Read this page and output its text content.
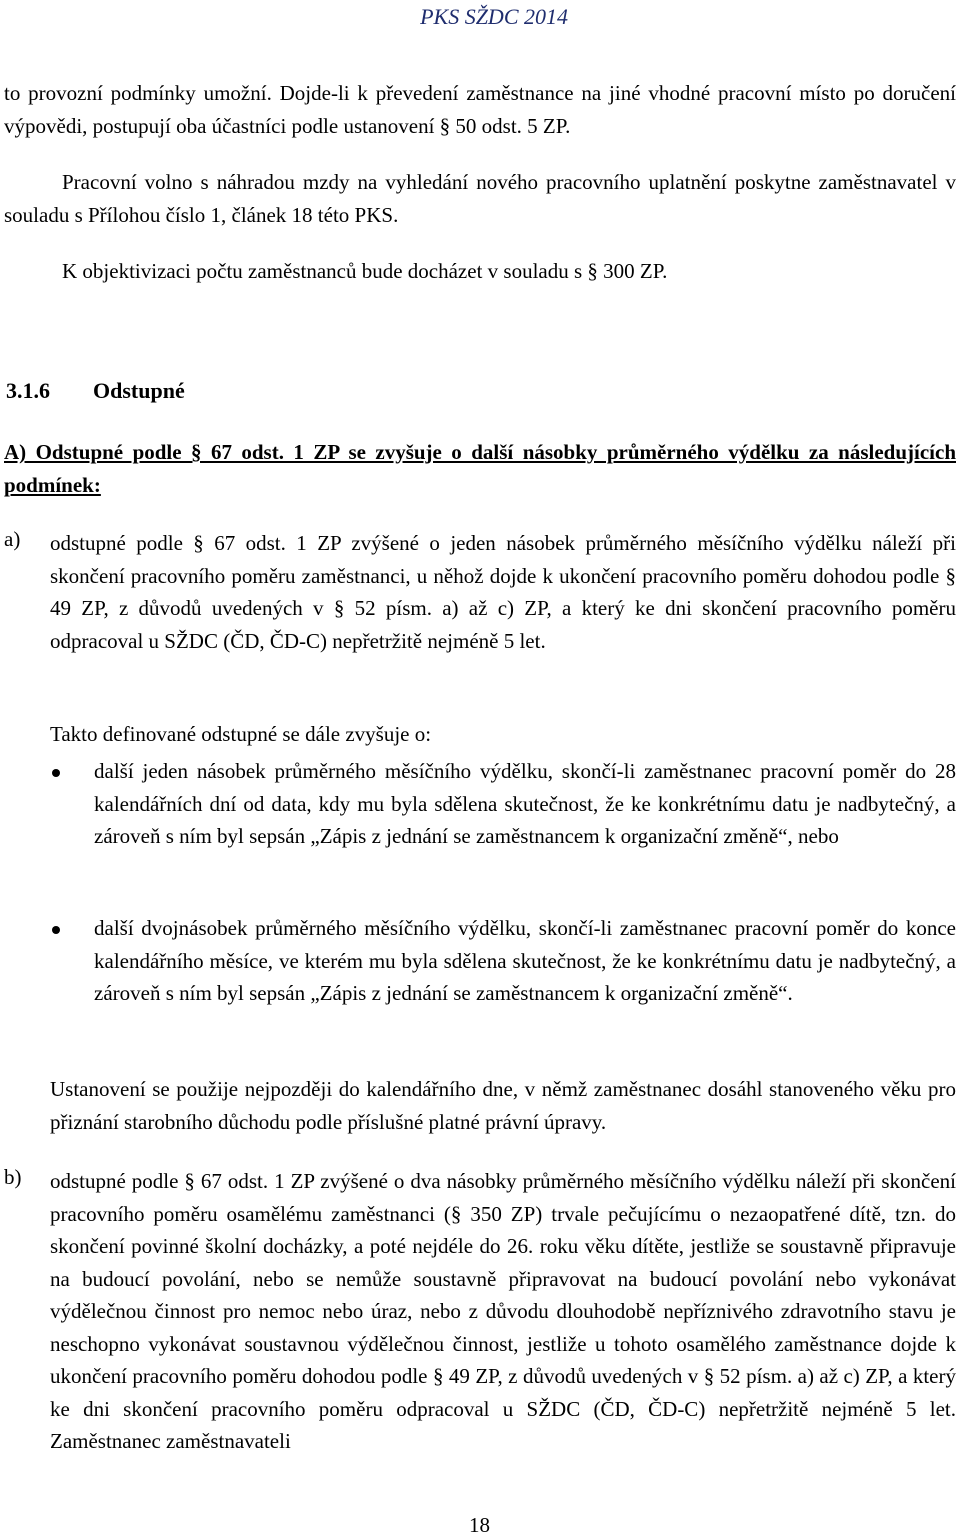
PKS SŽDC 2014

to provozní podmínky umožní. Dojde-li k převedení zaměstnance na jiné vhodné pracovní místo po doručení výpovědi, postupují oba účastníci podle ustanovení § 50 odst. 5 ZP.

Pracovní volno s náhradou mzdy na vyhledání nového pracovního uplatnění poskytne zaměstnavatel v souladu s Přílohou číslo 1, článek 18 této PKS.

K objektivizaci počtu zaměstnanců bude docházet v souladu s § 300 ZP.

3.1.6 Odstupné

A) Odstupné podle § 67 odst. 1 ZP se zvyšuje o další násobky průměrného výdělku za následujících podmínek:

a) odstupné podle § 67 odst. 1 ZP zvýšené o jeden násobek průměrného měsíčního výdělku náleží při skončení pracovního poměru zaměstnanci, u něhož dojde k ukončení pracovního poměru dohodou podle § 49 ZP, z důvodů uvedených v § 52 písm. a) až c) ZP, a který ke dni skončení pracovního poměru odpracoval u SŽDC (ČD, ČD-C) nepřetržitě nejméně 5 let.

Takto definované odstupné se dále zvyšuje o:

další jeden násobek průměrného měsíčního výdělku, skončí-li zaměstnanec pracovní poměr do 28 kalendářních dní od data, kdy mu byla sdělena skutečnost, že ke konkrétnímu datu je nadbytečný, a zároveň s ním byl sepsán „Zápis z jednání se zaměstnancem k organizační změně“, nebo

další dvojnásobek průměrného měsíčního výdělku, skončí-li zaměstnanec pracovní poměr do konce kalendářního měsíce, ve kterém mu byla sdělena skutečnost, že ke konkrétnímu datu je nadbytečný, a zároveň s ním byl sepsán „Zápis z jednání se zaměstnancem k organizační změně“.

Ustanovení se použije nejpozději do kalendářního dne, v němž zaměstnanec dosáhl stanoveného věku pro přiznání starobního důchodu podle příslušné platné právní úpravy.

b) odstupné podle § 67 odst. 1 ZP zvýšené o dva násobky průměrného měsíčního výdělku náleží při skončení pracovního poměru osamělému zaměstnanci (§ 350 ZP) trvale pečujícímu o nezaopatřené dítě, tzn. do skončení povinné školní docházky, a poté nejdéle do 26. roku věku dítěte, jestliže se soustavně připravuje na budoucí povolání, nebo se nemůže soustavně připravovat na budoucí povolání nebo vykonávat výdělečnou činnost pro nemoc nebo úraz, nebo z důvodu dlouhodobě nepříznivého zdravotního stavu je neschopno vykonávat soustavnou výdělečnou činnost, jestliže u tohoto osamělého zaměstnance dojde k ukončení pracovního poměru dohodou podle § 49 ZP, z důvodů uvedených v § 52 písm. a) až c) ZP, a který ke dni skončení pracovního poměru odpracoval u SŽDC (ČD, ČD-C) nepřetržitě nejméně 5 let. Zaměstnanec zaměstnavateli

18
